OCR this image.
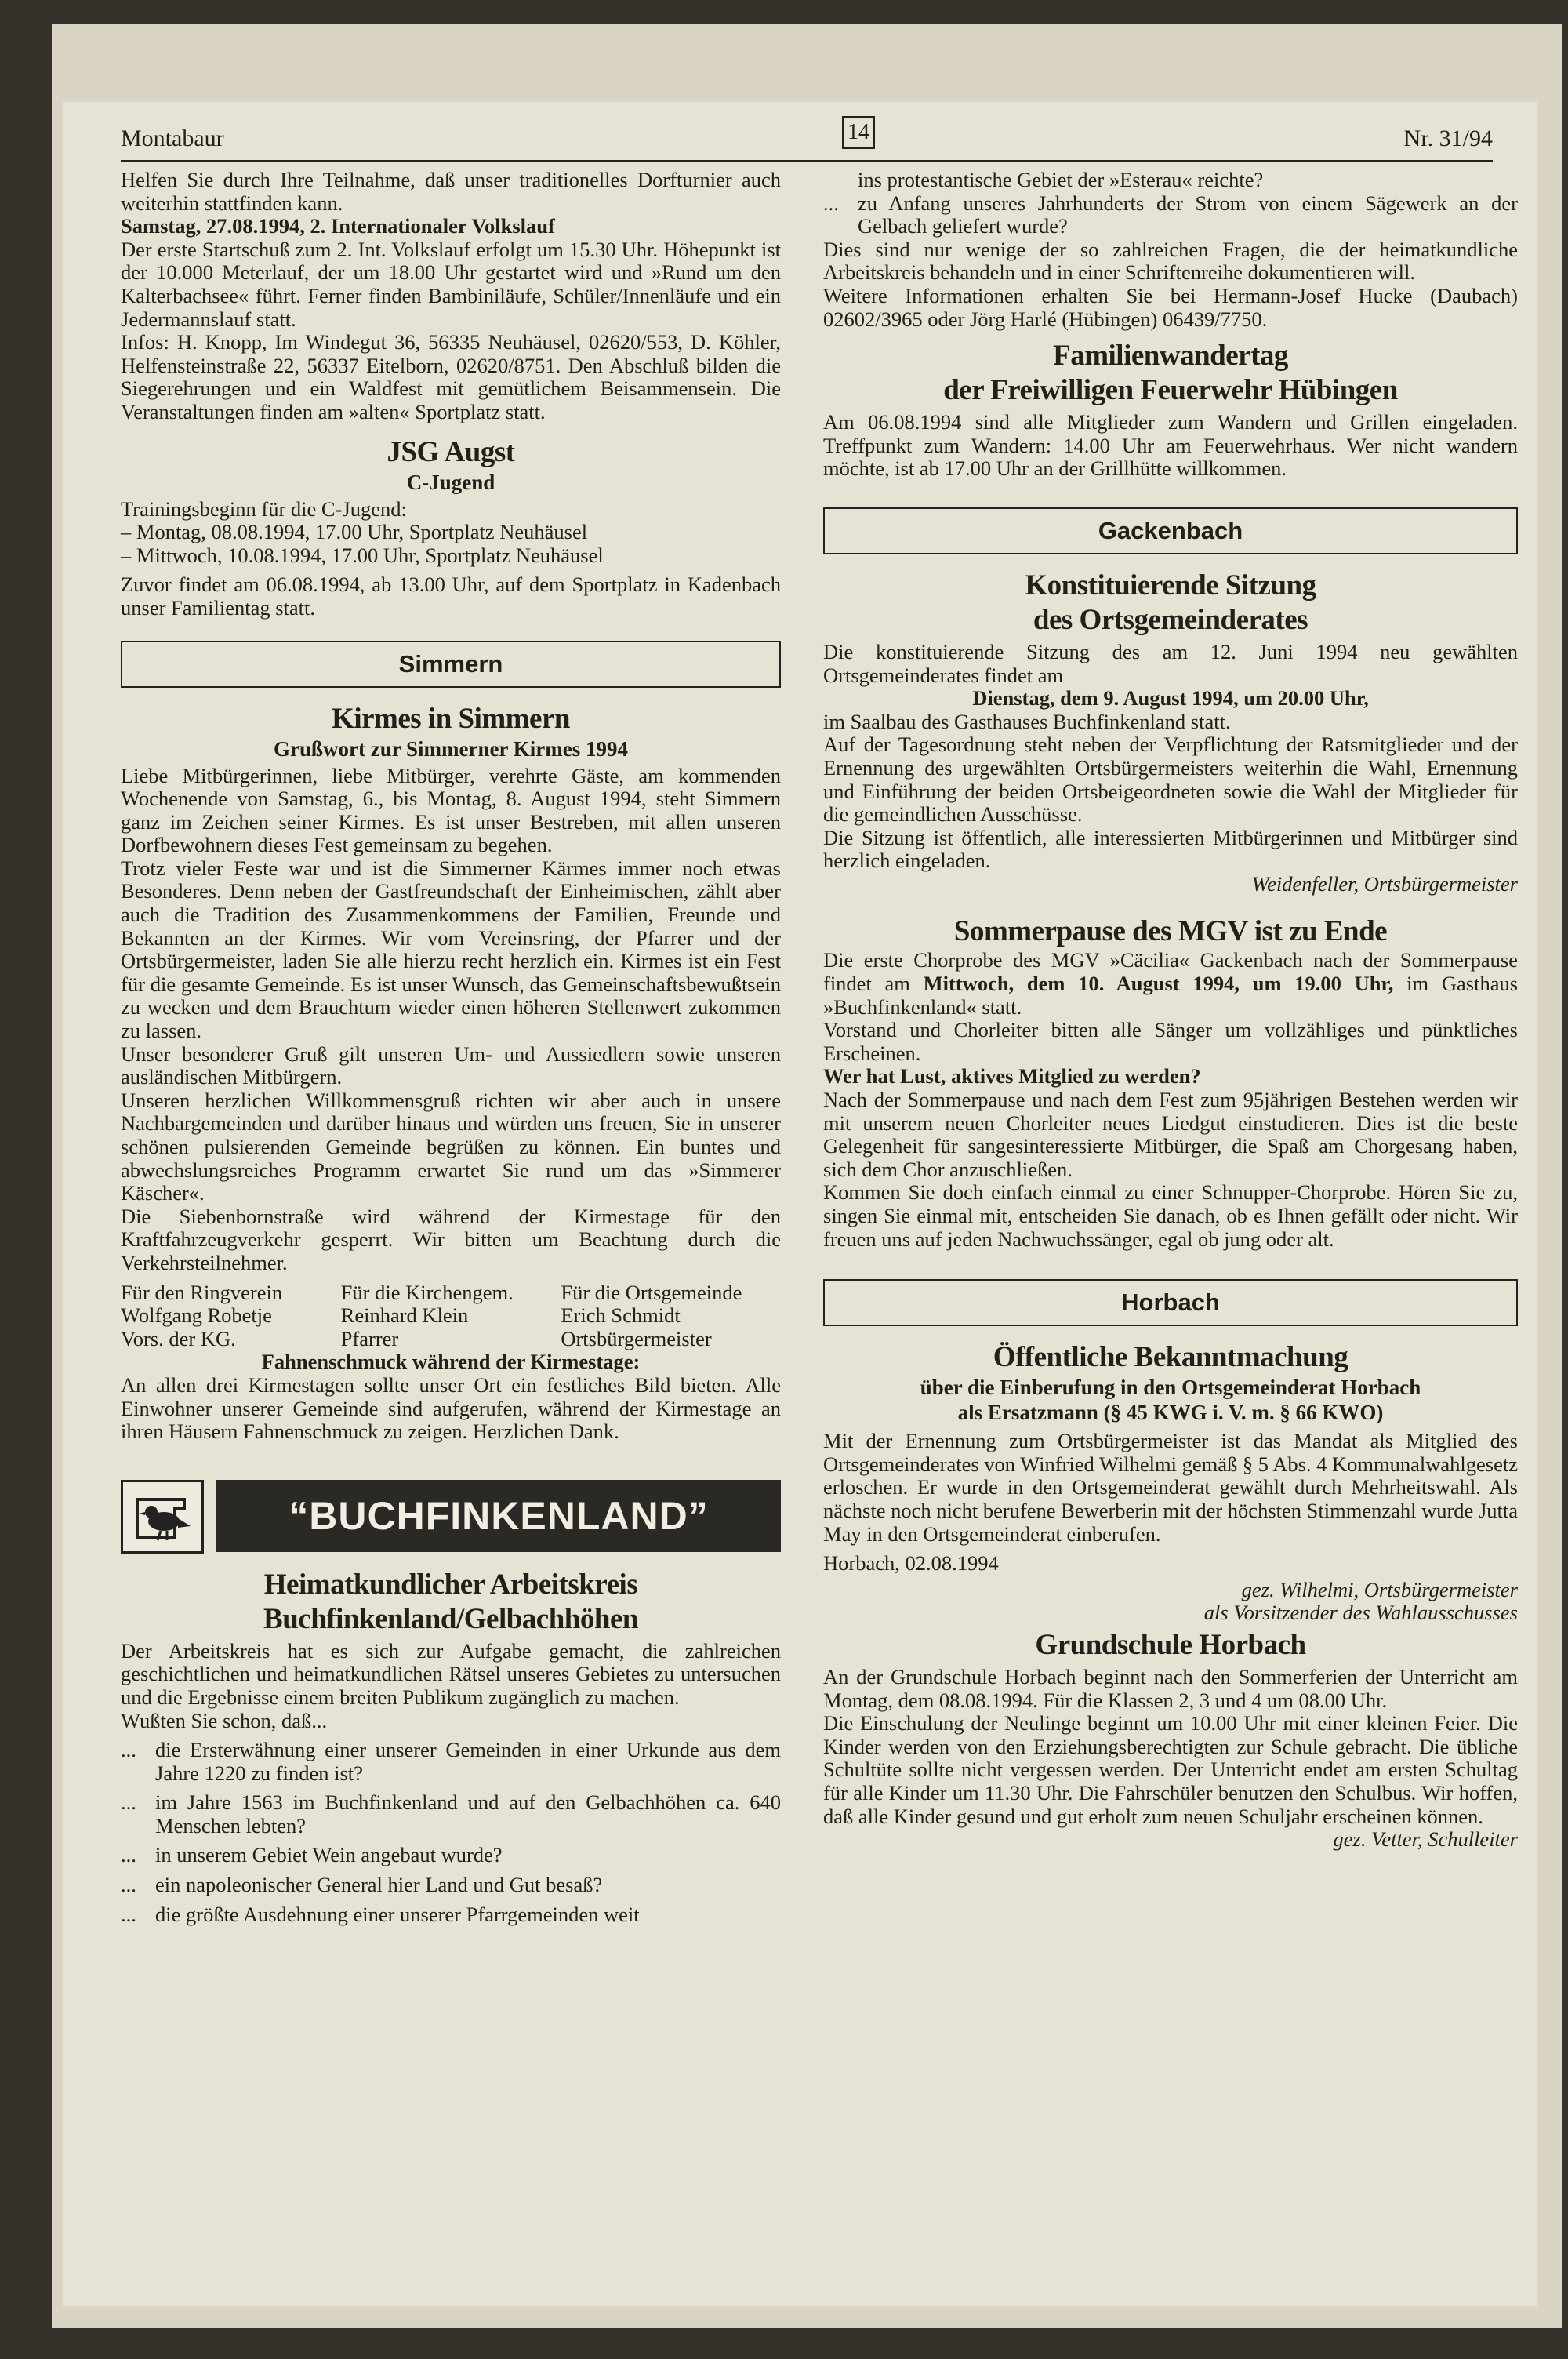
Montabaur	14	Nr. 31/94

Helfen Sie durch Ihre Teilnahme, daß unser traditionelles Dorfturnier auch weiterhin stattfinden kann.

Samstag, 27.08.1994, 2. Internationaler Volkslauf

Der erste Startschuß zum 2. Int. Volkslauf erfolgt um 15.30 Uhr. Höhepunkt ist der 10.000 Meterlauf, der um 18.00 Uhr gestartet wird und »Rund um den Kalterbachsee« führt. Ferner finden Bambiniläufe, Schüler/Innenläufe und ein Jedermannslauf statt.

Infos: H. Knopp, Im Windegut 36, 56335 Neuhäusel, 02620/553, D. Köhler, Helfensteinstraße 22, 56337 Eitelborn, 02620/8751. Den Abschluß bilden die Siegerehrungen und ein Waldfest mit gemütlichem Beisammensein. Die Veranstaltungen finden am »alten« Sportplatz statt.

JSG Augst
C-Jugend

Trainingsbeginn für die C-Jugend:

– Montag, 08.08.1994, 17.00 Uhr, Sportplatz Neuhäusel

– Mittwoch, 10.08.1994, 17.00 Uhr, Sportplatz Neuhäusel

Zuvor findet am 06.08.1994, ab 13.00 Uhr, auf dem Sportplatz in Kadenbach unser Familientag statt.

Simmern
Kirmes in Simmern
Grußwort zur Simmerner Kirmes 1994

Liebe Mitbürgerinnen, liebe Mitbürger, verehrte Gäste, am kommenden Wochenende von Samstag, 6., bis Montag, 8. August 1994, steht Simmern ganz im Zeichen seiner Kirmes. Es ist unser Bestreben, mit allen unseren Dorfbewohnern dieses Fest gemeinsam zu begehen.

Trotz vieler Feste war und ist die Simmerner Kärmes immer noch etwas Besonderes. Denn neben der Gastfreundschaft der Einheimischen, zählt aber auch die Tradition des Zusammenkommens der Familien, Freunde und Bekannten an der Kirmes. Wir vom Vereinsring, der Pfarrer und der Ortsbürgermeister, laden Sie alle hierzu recht herzlich ein. Kirmes ist ein Fest für die gesamte Gemeinde. Es ist unser Wunsch, das Gemeinschaftsbewußtsein zu wecken und dem Brauchtum wieder einen höheren Stellenwert zukommen zu lassen.

Unser besonderer Gruß gilt unseren Um- und Aussiedlern sowie unseren ausländischen Mitbürgern.

Unseren herzlichen Willkommensgruß richten wir aber auch in unsere Nachbargemeinden und darüber hinaus und würden uns freuen, Sie in unserer schönen pulsierenden Gemeinde begrüßen zu können. Ein buntes und abwechslungsreiches Programm erwartet Sie rund um das »Simmerer Käscher«.

Die Siebenbornstraße wird während der Kirmestage für den Kraftfahrzeugverkehr gesperrt. Wir bitten um Beachtung durch die Verkehrsteilnehmer.

Für den Ringverein
Wolfgang Robetje
Vors. der KG.
Für die Kirchengem.
Reinhard Klein
Pfarrer
Für die Ortsgemeinde
Erich Schmidt
Ortsbürgermeister

Fahnenschmuck während der Kirmestage:

An allen drei Kirmestagen sollte unser Ort ein festliches Bild bieten. Alle Einwohner unserer Gemeinde sind aufgerufen, während der Kirmestage an ihren Häusern Fahnenschmuck zu zeigen. Herzlichen Dank.

“BUCHFINKENLAND”
Heimatkundlicher Arbeitskreis
Buchfinkenland/Gelbachhöhen

Der Arbeitskreis hat es sich zur Aufgabe gemacht, die zahlreichen geschichtlichen und heimatkundlichen Rätsel unseres Gebietes zu untersuchen und die Ergebnisse einem breiten Publikum zugänglich zu machen.

Wußten Sie schon, daß...

... die Ersterwähnung einer unserer Gemeinden in einer Urkunde aus dem Jahre 1220 zu finden ist?
... im Jahre 1563 im Buchfinkenland und auf den Gelbachhöhen ca. 640 Menschen lebten?
... in unserem Gebiet Wein angebaut wurde?
... ein napoleonischer General hier Land und Gut besaß?
... die größte Ausdehnung einer unserer Pfarrgemeinden weit
ins protestantische Gebiet der »Esterau« reichte?
... zu Anfang unseres Jahrhunderts der Strom von einem Sägewerk an der Gelbach geliefert wurde?

Dies sind nur wenige der so zahlreichen Fragen, die der heimatkundliche Arbeitskreis behandeln und in einer Schriftenreihe dokumentieren will.

Weitere Informationen erhalten Sie bei Hermann-Josef Hucke (Daubach) 02602/3965 oder Jörg Harlé (Hübingen) 06439/7750.

Familienwandertag
der Freiwilligen Feuerwehr Hübingen

Am 06.08.1994 sind alle Mitglieder zum Wandern und Grillen eingeladen. Treffpunkt zum Wandern: 14.00 Uhr am Feuerwehrhaus. Wer nicht wandern möchte, ist ab 17.00 Uhr an der Grillhütte willkommen.

Gackenbach
Konstituierende Sitzung
des Ortsgemeinderates

Die konstituierende Sitzung des am 12. Juni 1994 neu gewählten Ortsgemeinderates findet am

Dienstag, dem 9. August 1994, um 20.00 Uhr,

im Saalbau des Gasthauses Buchfinkenland statt.

Auf der Tagesordnung steht neben der Verpflichtung der Ratsmitglieder und der Ernennung des urgewählten Ortsbürgermeisters weiterhin die Wahl, Ernennung und Einführung der beiden Ortsbeigeordneten sowie die Wahl der Mitglieder für die gemeindlichen Ausschüsse.

Die Sitzung ist öffentlich, alle interessierten Mitbürgerinnen und Mitbürger sind herzlich eingeladen.

Weidenfeller, Ortsbürgermeister

Sommerpause des MGV ist zu Ende

Die erste Chorprobe des MGV »Cäcilia« Gackenbach nach der Sommerpause findet am Mittwoch, dem 10. August 1994, um 19.00 Uhr, im Gasthaus »Buchfinkenland« statt.

Vorstand und Chorleiter bitten alle Sänger um vollzähliges und pünktliches Erscheinen.

Wer hat Lust, aktives Mitglied zu werden?

Nach der Sommerpause und nach dem Fest zum 95jährigen Bestehen werden wir mit unserem neuen Chorleiter neues Liedgut einstudieren. Dies ist die beste Gelegenheit für sangesinteressierte Mitbürger, die Spaß am Chorgesang haben, sich dem Chor anzuschließen.

Kommen Sie doch einfach einmal zu einer Schnupper-Chorprobe. Hören Sie zu, singen Sie einmal mit, entscheiden Sie danach, ob es Ihnen gefällt oder nicht. Wir freuen uns auf jeden Nachwuchssänger, egal ob jung oder alt.

Horbach
Öffentliche Bekanntmachung
über die Einberufung in den Ortsgemeinderat Horbach
als Ersatzmann (§ 45 KWG i. V. m. § 66 KWO)

Mit der Ernennung zum Ortsbürgermeister ist das Mandat als Mitglied des Ortsgemeinderates von Winfried Wilhelmi gemäß § 5 Abs. 4 Kommunalwahlgesetz erloschen. Er wurde in den Ortsgemeinderat gewählt durch Mehrheitswahl. Als nächste noch nicht berufene Bewerberin mit der höchsten Stimmenzahl wurde Jutta May in den Ortsgemeinderat einberufen.

Horbach, 02.08.1994

gez. Wilhelmi, Ortsbürgermeister

als Vorsitzender des Wahlausschusses

Grundschule Horbach

An der Grundschule Horbach beginnt nach den Sommerferien der Unterricht am Montag, dem 08.08.1994. Für die Klassen 2, 3 und 4 um 08.00 Uhr.

Die Einschulung der Neulinge beginnt um 10.00 Uhr mit einer kleinen Feier. Die Kinder werden von den Erziehungsberechtigten zur Schule gebracht. Die übliche Schultüte sollte nicht vergessen werden. Der Unterricht endet am ersten Schultag für alle Kinder um 11.30 Uhr. Die Fahrschüler benutzen den Schulbus. Wir hoffen, daß alle Kinder gesund und gut erholt zum neuen Schuljahr erscheinen können.

gez. Vetter, Schulleiter
